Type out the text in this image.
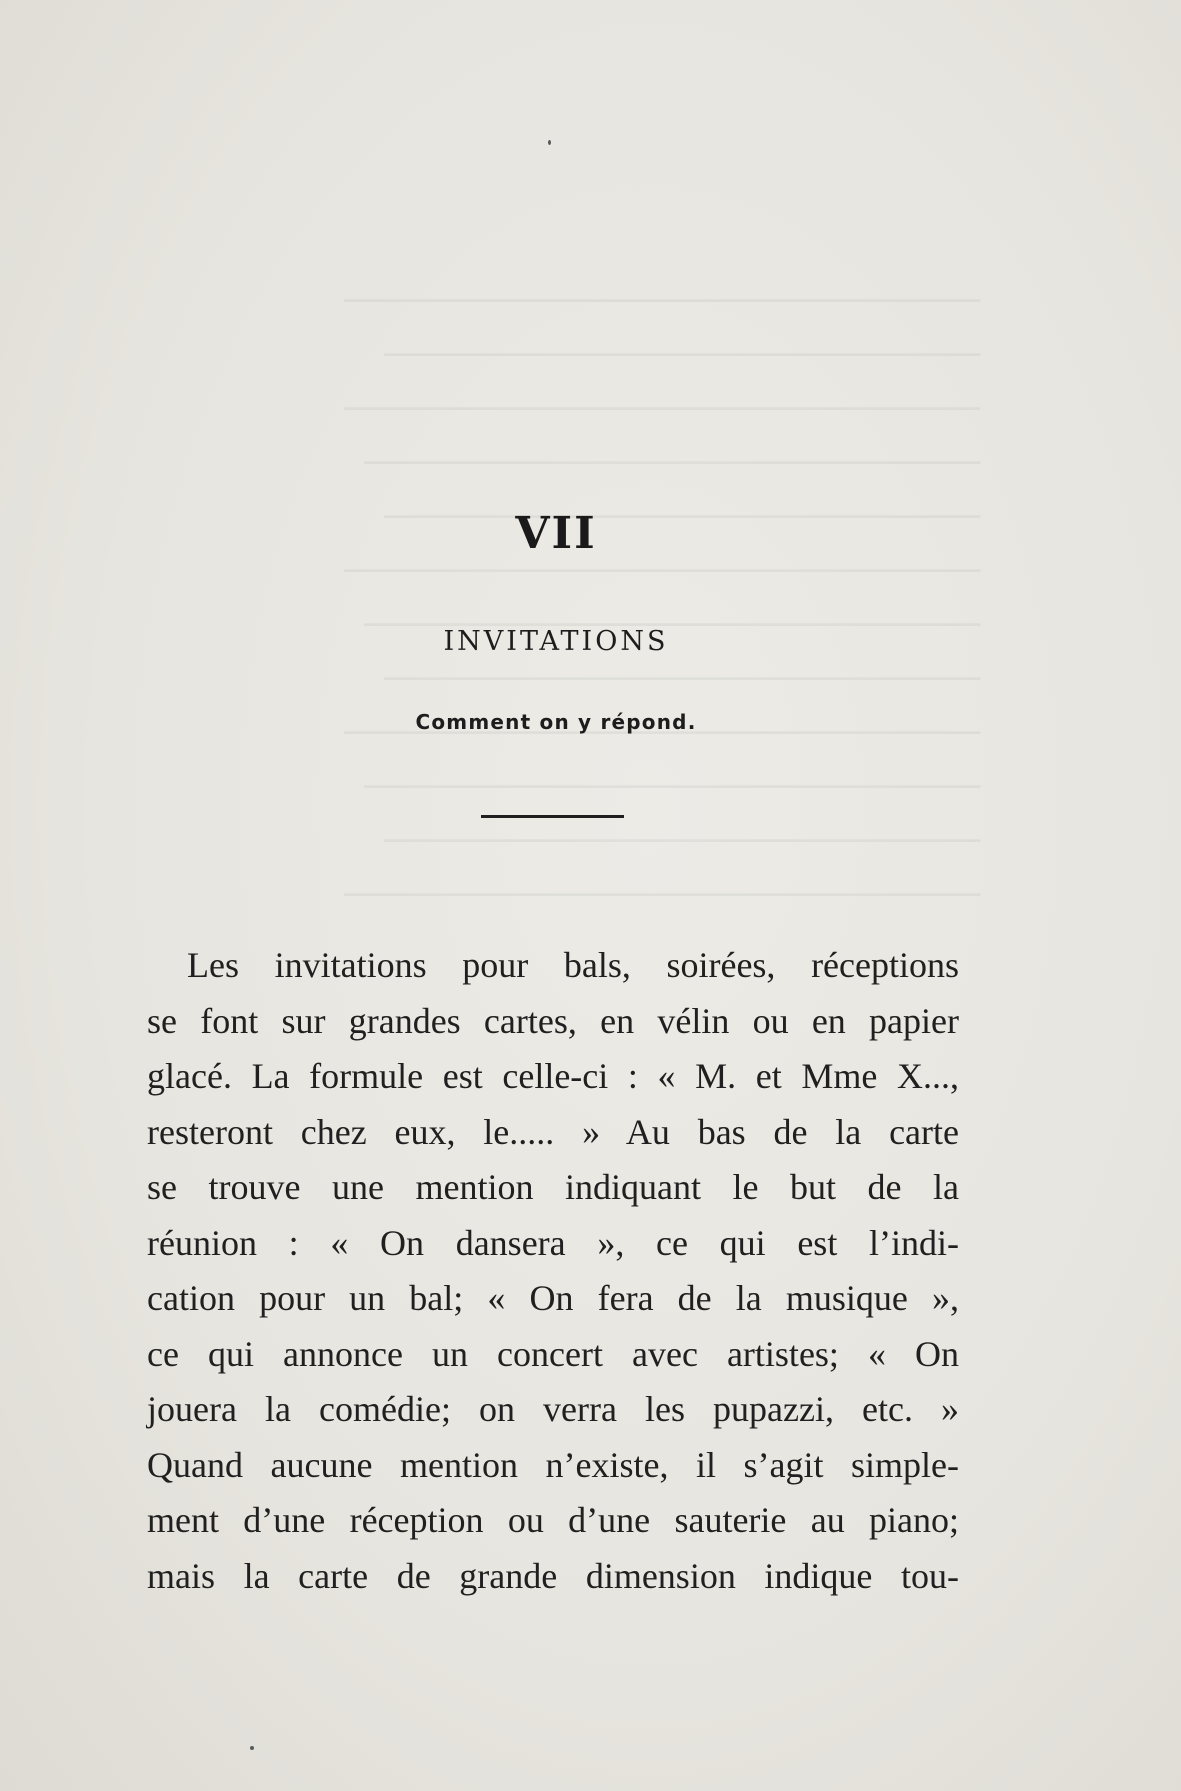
VII
INVITATIONS
Comment on y répond.
Les invitations pour bals, soirées, réceptions
se font sur grandes cartes, en vélin ou en papier
glacé. La formule est celle-ci : « M. et Mme X...,
resteront chez eux, le..... » Au bas de la carte
se trouve une mention indiquant le but de la
réunion : « On dansera », ce qui est l’indi-
cation pour un bal; « On fera de la musique »,
ce qui annonce un concert avec artistes; « On
jouera la comédie; on verra les pupazzi, etc. »
Quand aucune mention n’existe, il s’agit simple-
ment d’une réception ou d’une sauterie au piano;
mais la carte de grande dimension indique tou-
